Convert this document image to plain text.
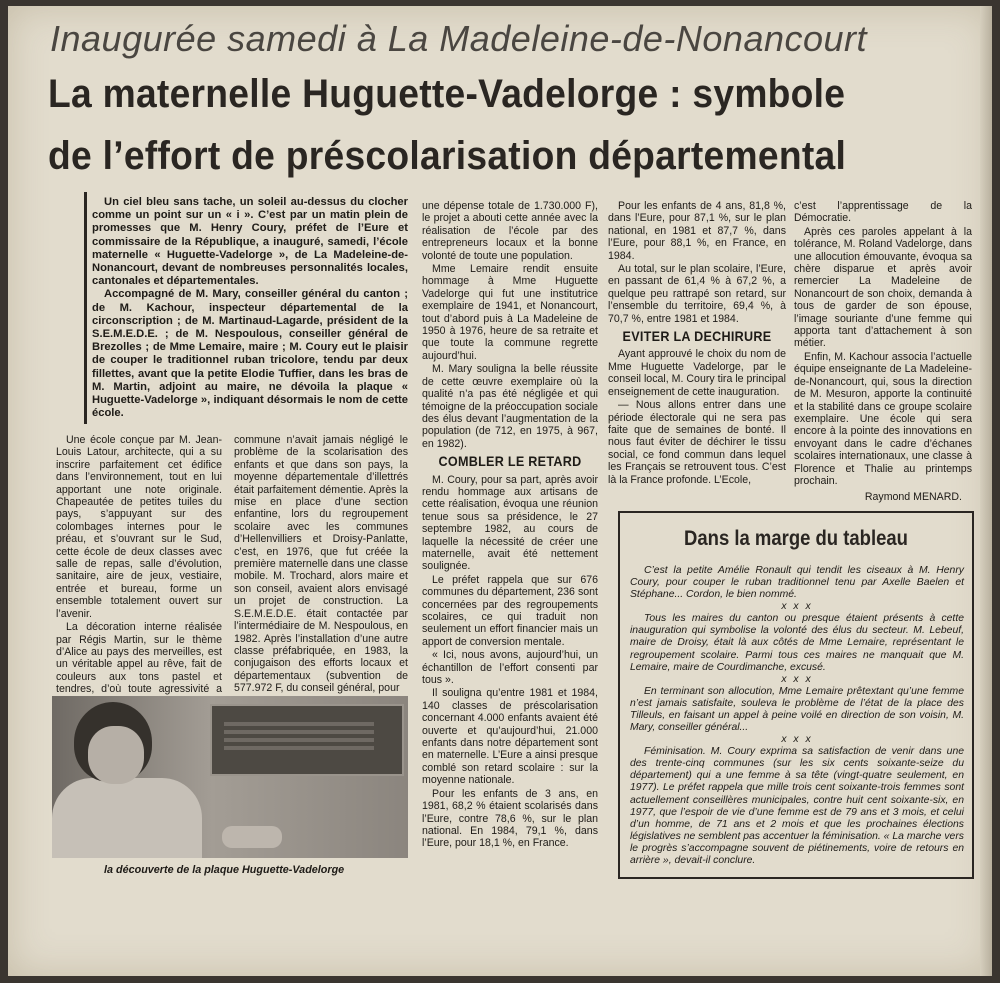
Inaugurée samedi à La Madeleine-de-Nonancourt
La maternelle Huguette-Vadelorge : symbole
de l’effort de préscolarisation départemental

Un ciel bleu sans tache, un soleil au-dessus du clocher comme un point sur un « i ». C’est par un matin plein de promesses que M. Henry Coury, préfet de l’Eure et commissaire de la République, a inauguré, samedi, l’école maternelle « Huguette-Vadelorge », de La Madeleine-de-Nonancourt, devant de nombreuses personnalités locales, cantonales et départementales.

Accompagné de M. Mary, conseiller général du canton ; de M. Kachour, inspecteur départemental de la circonscription ; de M. Martinaud-Lagarde, président de la S.E.M.E.D.E. ; de M. Nespoulous, conseiller général de Brezolles ; de Mme Lemaire, maire ; M. Coury eut le plaisir de couper le traditionnel ruban tricolore, tendu par deux fillettes, avant que la petite Elodie Tuffier, dans les bras de M. Martin, adjoint au maire, ne dévoila la plaque « Huguette-Vadelorge », indiquant désormais le nom de cette école.

Une école conçue par M. Jean-Louis Latour, architecte, qui a su inscrire parfaitement cet édifice dans l’environnement, tout en lui apportant une note originale. Chapeautée de petites tuiles du pays, s’appuyant sur des colombages internes pour le préau, et s’ouvrant sur le Sud, cette école de deux classes avec salle de repas, salle d’évolution, sanitaire, aire de jeux, vestiaire, entrée et bureau, forme un ensemble totalement ouvert sur l’avenir.

La décoration interne réalisée par Régis Martin, sur le thème d’Alice au pays des merveilles, est un véritable appel au rêve, fait de couleurs aux tons pastel et tendres, d’où toute agressivité a

commune n’avait jamais négligé le problème de la scolarisation des enfants et que dans son pays, la moyenne départementale d’illettrés était parfaitement démentie. Après la mise en place d’une section enfantine, lors du regroupement scolaire avec les communes d’Hellenvilliers et Droisy-Panlatte, c’est, en 1976, que fut créée la première maternelle dans une classe mobile. M. Trochard, alors maire et son conseil, avaient alors envisagé un projet de construction. La S.E.M.E.D.E. était contactée par l’intermédiaire de M. Nespoulous, en 1982. Après l’installation d’une autre classe préfabriquée, en 1983, la conjugaison des efforts locaux et départementaux (subvention de 577.972 F, du conseil général, pour

une dépense totale de 1.730.000 F), le projet a abouti cette année avec la réalisation de l’école par des entrepreneurs locaux et la bonne volonté de toute une population.

Mme Lemaire rendit ensuite hommage à Mme Huguette Vadelorge qui fut une institutrice exemplaire de 1941, et Nonancourt, tout d’abord puis à La Madeleine de 1950 à 1976, heure de sa retraite et que toute la commune regrette aujourd’hui.

M. Mary souligna la belle réussite de cette œuvre exemplaire où la qualité n’a pas été négligée et qui témoigne de la préoccupation sociale des élus devant l’augmentation de la population (de 712, en 1975, à 967, en 1982).

COMBLER LE RETARD

M. Coury, pour sa part, après avoir rendu hommage aux artisans de cette réalisation, évoqua une réunion tenue sous sa présidence, le 27 septembre 1982, au cours de laquelle la nécessité de créer une maternelle, avait été nettement soulignée.

Le préfet rappela que sur 676 communes du département, 236 sont concernées par des regroupements scolaires, ce qui traduit non seulement un effort financier mais un apport de conversion mentale.

« Ici, nous avons, aujourd’hui, un échantillon de l’effort consenti par tous ».

Il souligna qu’entre 1981 et 1984, 140 classes de préscolarisation concernant 4.000 enfants avaient été ouverte et qu’aujourd’hui, 21.000 enfants dans notre département sont en maternelle. L’Eure a ainsi presque comblé son retard scolaire : sur la moyenne nationale.

Pour les enfants de 3 ans, en 1981, 68,2 % étaient scolarisés dans l’Eure, contre 78,6 %, sur le plan national. En 1984, 79,1 %, dans l’Eure, pour 18,1 %, en France.

Pour les enfants de 4 ans, 81,8 %, dans l’Eure, pour 87,1 %, sur le plan national, en 1981 et 87,7 %, dans l’Eure, pour 88,1 %, en France, en 1984.

Au total, sur le plan scolaire, l’Eure, en passant de 61,4 % à 67,2 %, a quelque peu rattrapé son retard, sur l’ensemble du territoire, 69,4 %, à 70,7 %, entre 1981 et 1984.

EVITER LA DECHIRURE

Ayant approuvé le choix du nom de Mme Huguette Vadelorge, par le conseil local, M. Coury tira le principal enseignement de cette inauguration.

— Nous allons entrer dans une période électorale qui ne sera pas faite que de semaines de bonté. Il nous faut éviter de déchirer le tissu social, ce fond commun dans lequel les Français se retrouvent tous. C’est là la France profonde. L’Ecole,

c’est l’apprentissage de la Démocratie.

Après ces paroles appelant à la tolérance, M. Roland Vadelorge, dans une allocution émouvante, évoqua sa chère disparue et après avoir remercier La Madeleine de Nonancourt de son choix, demanda à tous de garder de son épouse, l’image souriante d’une femme qui apporta tant d’attachement à son métier.

Enfin, M. Kachour associa l’actuelle équipe enseignante de La Madeleine-de-Nonancourt, qui, sous la direction de M. Mesuron, apporte la continuité et la stabilité dans ce groupe scolaire exemplaire. Une école qui sera encore à la pointe des innovations en envoyant dans le cadre d’échanes scolaires internationaux, une classe à Florence et Thalie au printemps prochain.

Raymond MENARD.
la découverte de la plaque Huguette-Vadelorge
Dans la marge du tableau

C’est la petite Amélie Ronault qui tendit les ciseaux à M. Henry Coury, pour couper le ruban traditionnel tenu par Axelle Baelen et Stéphane... Cordon, le bien nommé.

x x x

Tous les maires du canton ou presque étaient présents à cette inauguration qui symbolise la volonté des élus du secteur. M. Lebeuf, maire de Droisy, était là aux côtés de Mme Lemaire, représentant le regroupement scolaire. Parmi tous ces maires ne manquait que M. Lemaire, maire de Courdimanche, excusé.

x x x

En terminant son allocution, Mme Lemaire prêtextant qu’une femme n’est jamais satisfaite, souleva le problème de l’état de la place des Tilleuls, en faisant un appel à peine voilé en direction de son voisin, M. Mary, conseiller général...

x x x

Féminisation. M. Coury exprima sa satisfaction de venir dans une des trente-cinq communes (sur les six cents soixante-seize du département) qui a une femme à sa tête (vingt-quatre seulement, en 1977). Le préfet rappela que mille trois cent soixante-trois femmes sont actuellement conseillères municipales, contre huit cent soixante-six, en 1977, que l’espoir de vie d’une femme est de 79 ans et 3 mois, et celui d’un homme, de 71 ans et 2 mois et que les prochaines élections législatives ne semblent pas accentuer la féminisation. « La marche vers le progrès s’accompagne souvent de piétinements, voire de retours en arrière », devait-il conclure.
